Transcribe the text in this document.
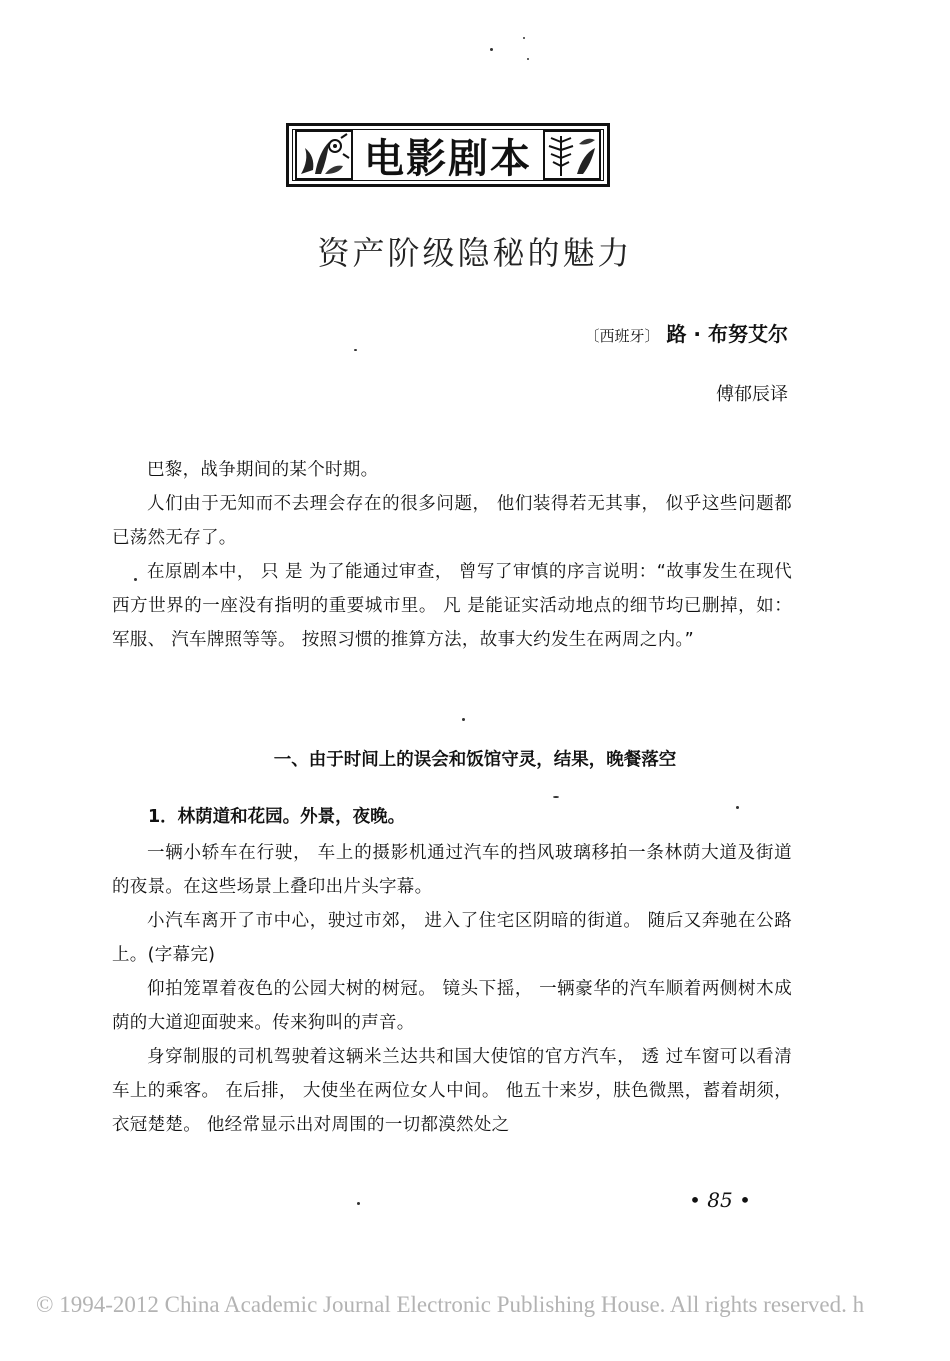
电影剧本
资产阶级隐秘的魅力
〔西班牙〕 路 · 布努艾尔
傅郁辰译

巴黎，战争期间的某个时期。

人们由于无知而不去理会存在的很多问题， 他们装得若无其事， 似乎这些问题都已荡然无存了。

在原剧本中， 只 是 为了能通过审查， 曾写了审慎的序言说明：“故事发生在现代西方世界的一座没有指明的重要城市里。 凡 是能证实活动地点的细节均已删掉，如：军服、 汽车牌照等等。 按照习惯的推算方法，故事大约发生在两周之内。”

一、由于时间上的误会和饭馆守灵，结果，晚餐落空
1．林荫道和花园。外景，夜晚。

一辆小轿车在行驶， 车上的摄影机通过汽车的挡风玻璃移拍一条林荫大道及街道的夜景。在这些场景上叠印出片头字幕。

小汽车离开了市中心，驶过市郊， 进入了住宅区阴暗的街道。 随后又奔驰在公路上。(字幕完)

仰拍笼罩着夜色的公园大树的树冠。 镜头下摇， 一辆豪华的汽车顺着两侧树木成荫的大道迎面驶来。传来狗叫的声音。

身穿制服的司机驾驶着这辆米兰达共和国大使馆的官方汽车， 透 过车窗可以看清车上的乘客。 在后排， 大使坐在两位女人中间。 他五十来岁，肤色微黑，蓄着胡须， 衣冠楚楚。 他经常显示出对周围的一切都漠然处之

• 85 •
© 1994-2012 China Academic Journal Electronic Publishing House. All rights reserved. h
